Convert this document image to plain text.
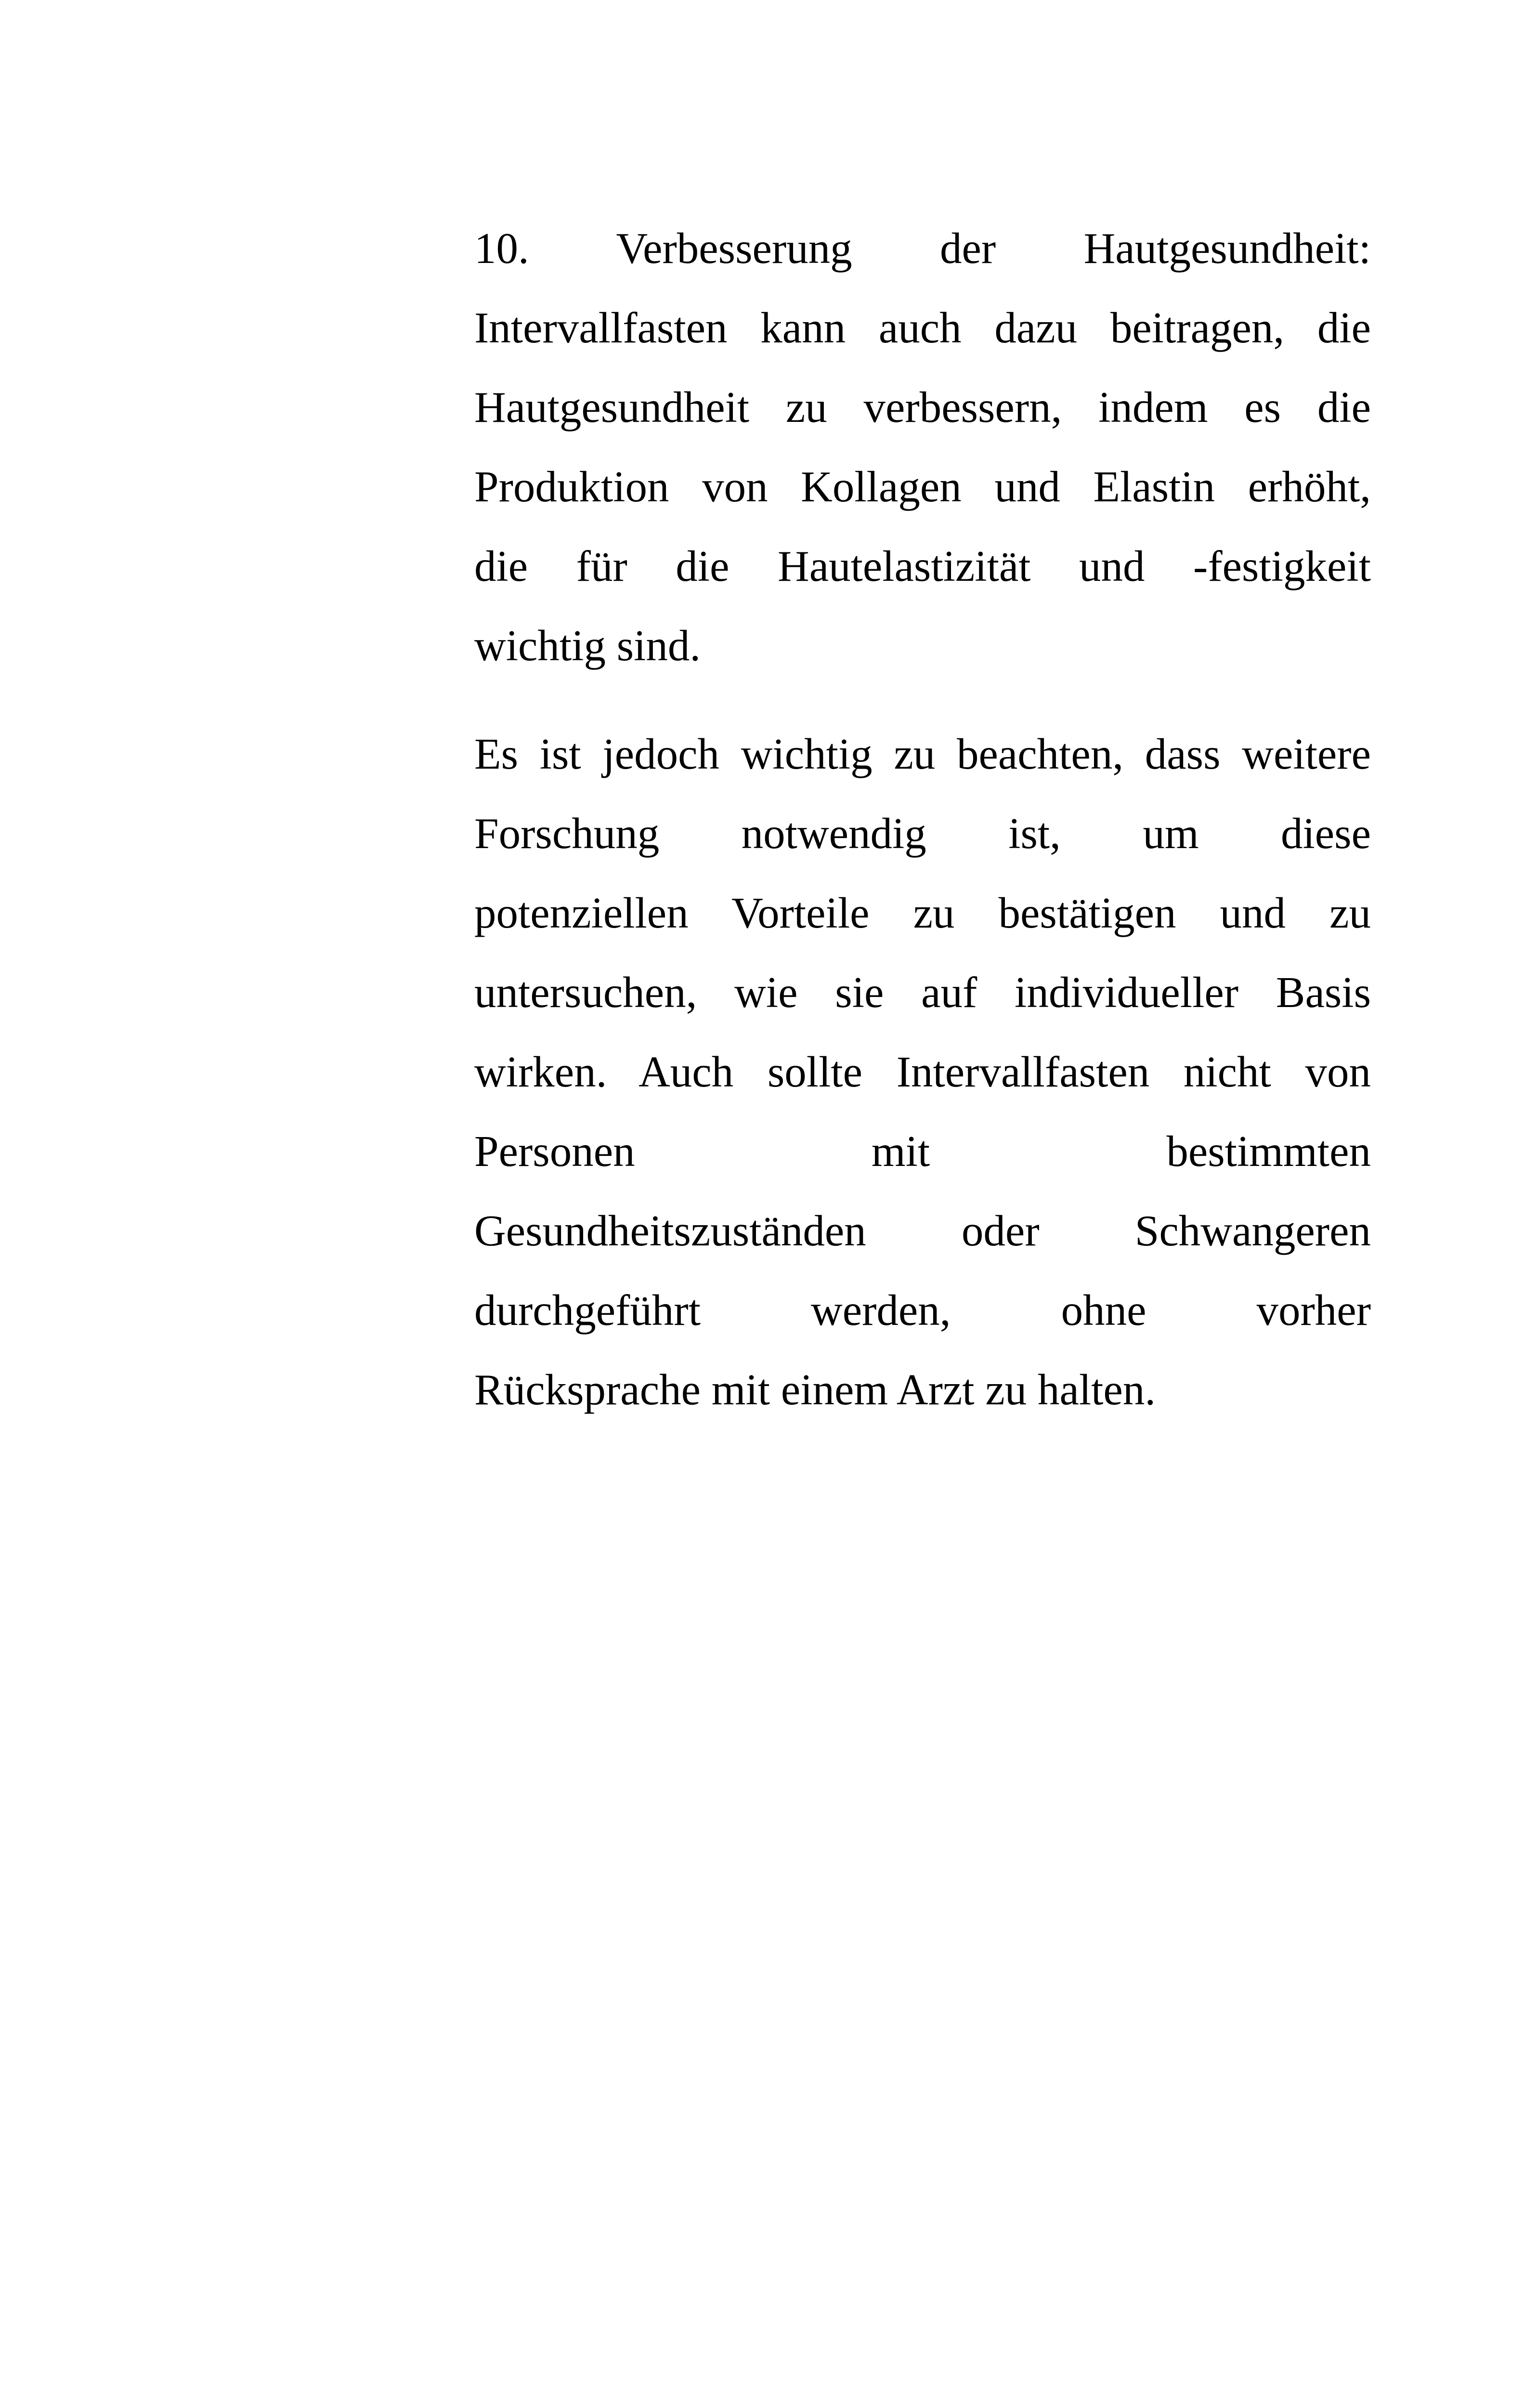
10. Verbesserung der Hautgesundheit:
Intervallfasten kann auch dazu beitragen, die
Hautgesundheit zu verbessern, indem es die
Produktion von Kollagen und Elastin erhöht,
die für die Hautelastizität und -festigkeit
wichtig sind.
Es ist jedoch wichtig zu beachten, dass weitere
Forschung notwendig ist, um diese
potenziellen Vorteile zu bestätigen und zu
untersuchen, wie sie auf individueller Basis
wirken. Auch sollte Intervallfasten nicht von
Personen mit bestimmten
Gesundheitszuständen oder Schwangeren
durchgeführt werden, ohne vorher
Rücksprache mit einem Arzt zu halten.
